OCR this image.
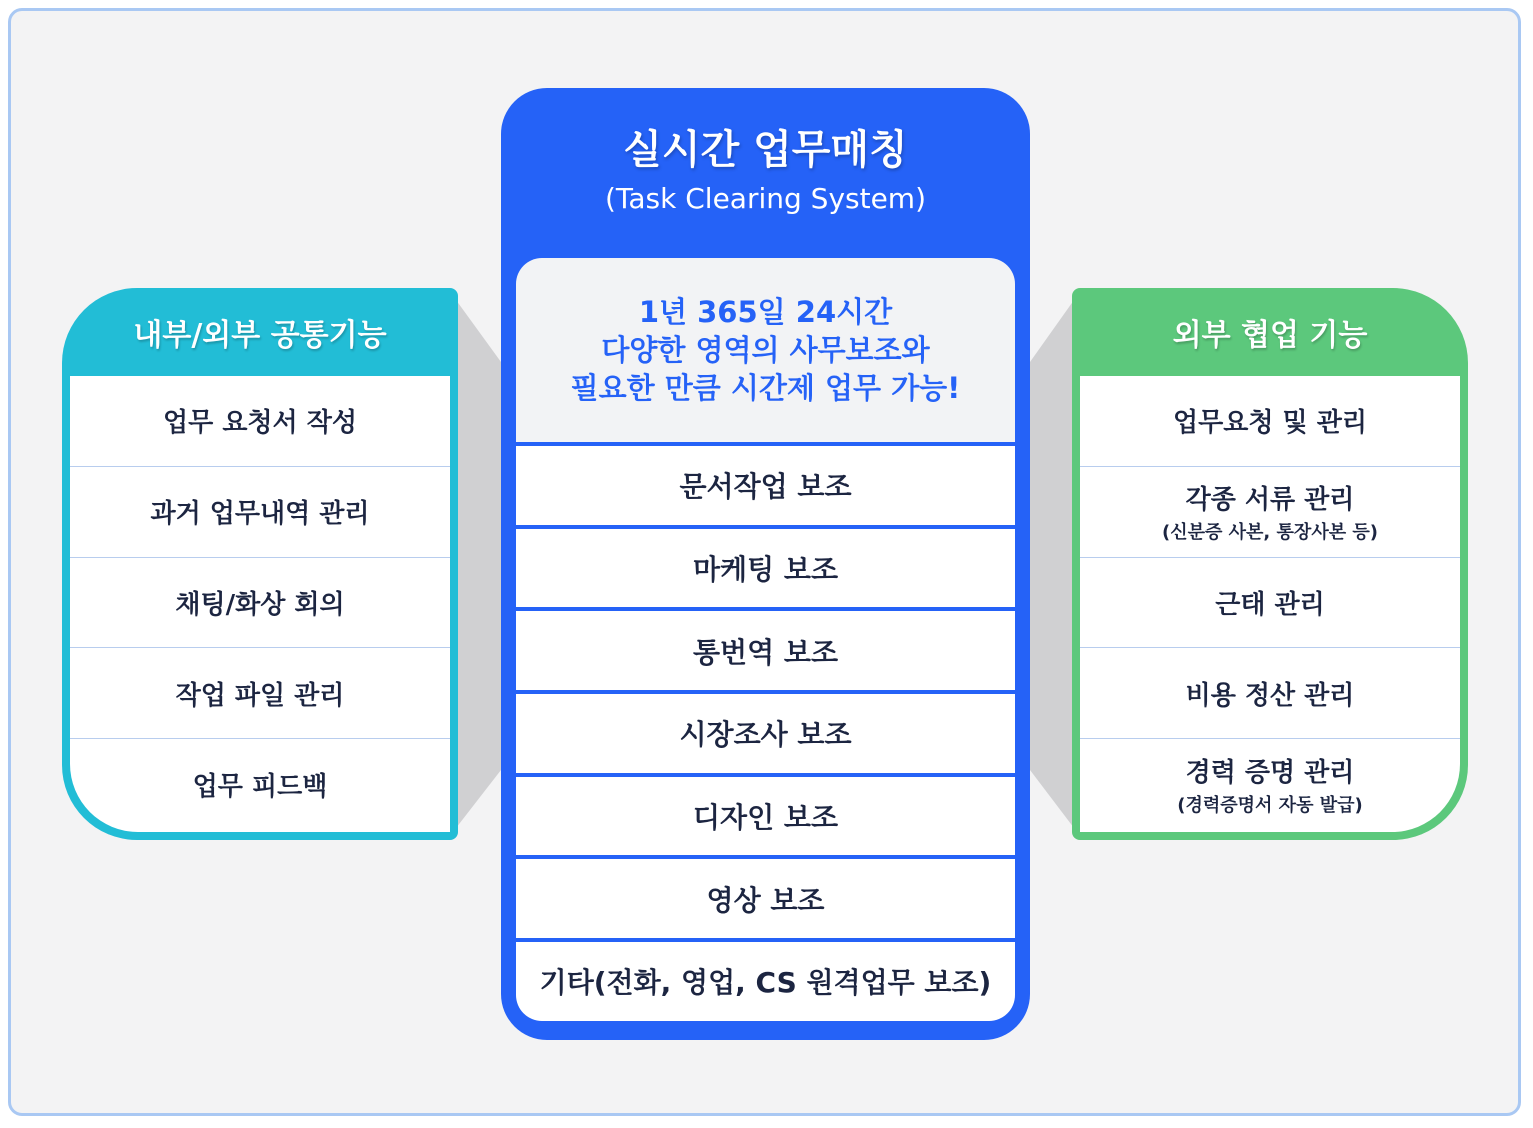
내부/외부 공통기능
업무 요청서 작성
과거 업무내역 관리
채팅/화상 회의
작업 파일 관리
업무 피드백
실시간 업무매칭
(Task Clearing System)
1년 365일 24시간
다양한 영역의 사무보조와
필요한 만큼 시간제 업무 가능!
문서작업 보조
마케팅 보조
통번역 보조
시장조사 보조
디자인 보조
영상 보조
기타(전화, 영업, CS 원격업무 보조)
외부 협업 기능
업무요청 및 관리
각종 서류 관리
(신분증 사본, 통장사본 등)
근태 관리
비용 정산 관리
경력 증명 관리
(경력증명서 자동 발급)
